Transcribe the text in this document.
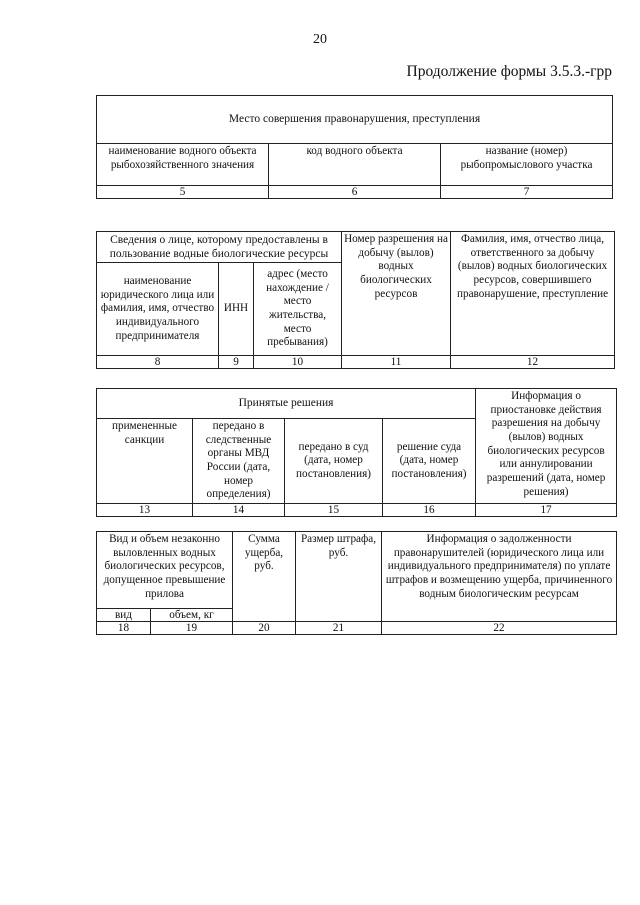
20
Продолжение формы 3.5.3.-грр
Место совершения правонарушения, преступления		
наименование водного объекта рыбохозяйственного значения	код водного объекта	название (номер) рыбопромыслового участка
5	6	7
Сведения о лице, которому предоставлены в пользование водные биологические ресурсы			Номер разрешения на добычу (вылов) водных биологических ресурсов	Фамилия, имя, отчество лица, ответственного за добычу (вылов) водных биологических ресурсов, совершившего правонарушение, преступление
наименование юридического лица или фамилия, имя, отчество индивидуального предпринимателя	ИНН	адрес (место нахождение / место жительства, место пребывания)		
8	9	10	11	12
Принятые решения				Информация о приостановке действия разрешения на добычу (вылов) водных биологических ресурсов или аннулировании разрешений (дата, номер решения)
примененные санкции	передано в следственные органы МВД России (дата, номер определения)	передано в суд (дата, номер постановления)	решение суда (дата, номер постановления)	
13	14	15	16	17
Вид и объем незаконно выловленных водных биологических ресурсов, допущенное превышение прилова		Сумма ущерба, руб.	Размер штрафа, руб.	Информация о задолженности правонарушителей (юридического лица или индивидуального предпринимателя) по уплате штрафов и возмещению ущерба, причиненного водным биологическим ресурсам
вид	объем, кг			
18	19	20	21	22
